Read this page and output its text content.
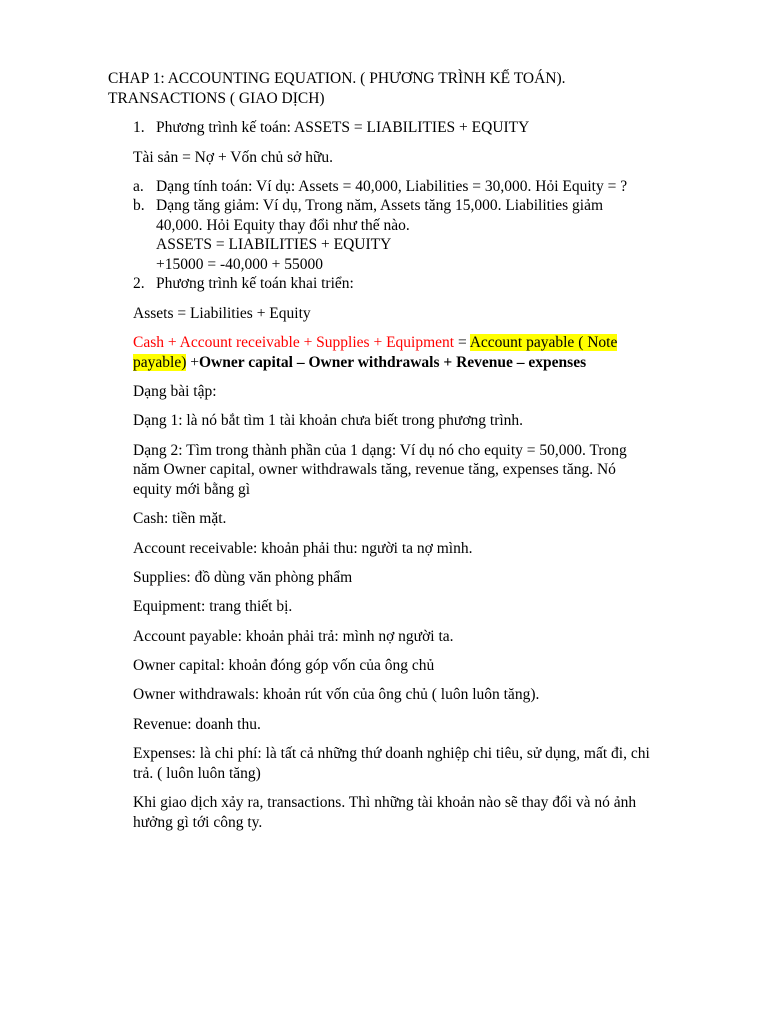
CHAP 1: ACCOUNTING EQUATION. ( PHƯƠNG TRÌNH KẾ TOÁN).
TRANSACTIONS ( GIAO DỊCH)
1. Phương trình kế toán: ASSETS = LIABILITIES + EQUITY
Tài sản = Nợ + Vốn chủ sở hữu.
a. Dạng tính toán: Ví dụ: Assets = 40,000, Liabilities = 30,000. Hỏi Equity = ?
b. Dạng tăng giảm: Ví dụ, Trong năm, Assets tăng 15,000. Liabilities giảm
40,000. Hỏi Equity thay đổi như thế nào.
ASSETS = LIABILITIES + EQUITY
+15000 = -40,000 + 55000
2. Phương trình kế toán khai triển:
Assets = Liabilities + Equity
Cash + Account receivable + Supplies + Equipment = Account payable ( Note
payable) +Owner capital – Owner withdrawals + Revenue – expenses
Dạng bài tập:
Dạng 1: là nó bắt tìm 1 tài khoản chưa biết trong phương trình.
Dạng 2: Tìm trong thành phần của 1 dạng: Ví dụ nó cho equity = 50,000. Trong
năm Owner capital, owner withdrawals tăng, revenue tăng, expenses tăng. Nó
equity mới bằng gì
Cash: tiền mặt.
Account receivable: khoản phải thu: người ta nợ mình.
Supplies: đồ dùng văn phòng phẩm
Equipment: trang thiết bị.
Account payable: khoản phải trả: mình nợ người ta.
Owner capital: khoản đóng góp vốn của ông chủ
Owner withdrawals: khoản rút vốn của ông chủ ( luôn luôn tăng).
Revenue: doanh thu.
Expenses: là chi phí: là tất cả những thứ doanh nghiệp chi tiêu, sử dụng, mất đi, chi
trả. ( luôn luôn tăng)
Khi giao dịch xảy ra, transactions. Thì những tài khoản nào sẽ thay đổi và nó ảnh
hưởng gì tới công ty.
